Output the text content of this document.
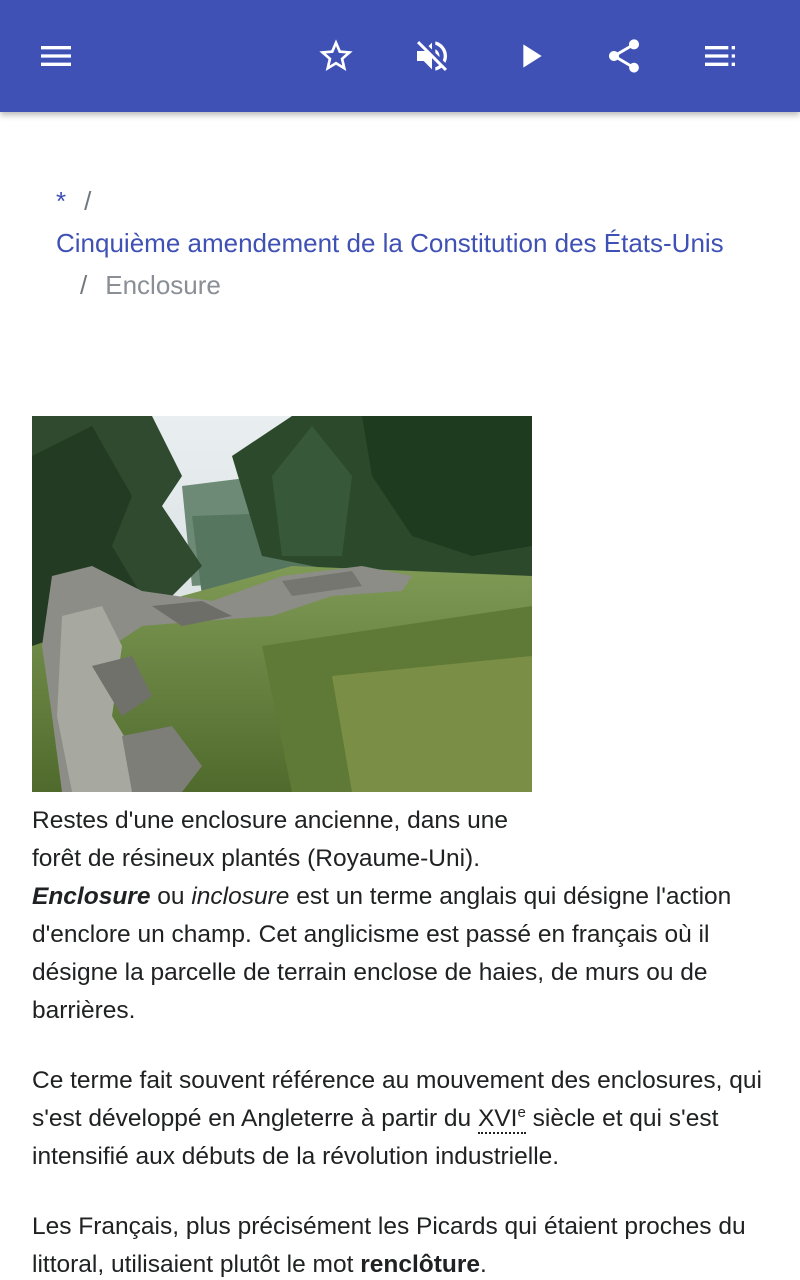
* /
Cinquième amendement de la Constitution des États-Unis
/ Enclosure
Restes d'une enclosure ancienne, dans une forêt de résineux plantés (Royaume-Uni).

Enclosure ou inclosure est un terme anglais qui désigne l'action d'enclore un champ. Cet anglicisme est passé en français où il désigne la parcelle de terrain enclose de haies, de murs ou de barrières.

Ce terme fait souvent référence au mouvement des enclosures, qui s'est développé en Angleterre à partir du XVIe siècle et qui s'est intensifié aux débuts de la révolution industrielle.

Les Français, plus précisément les Picards qui étaient proches du littoral, utilisaient plutôt le mot renclôture.
